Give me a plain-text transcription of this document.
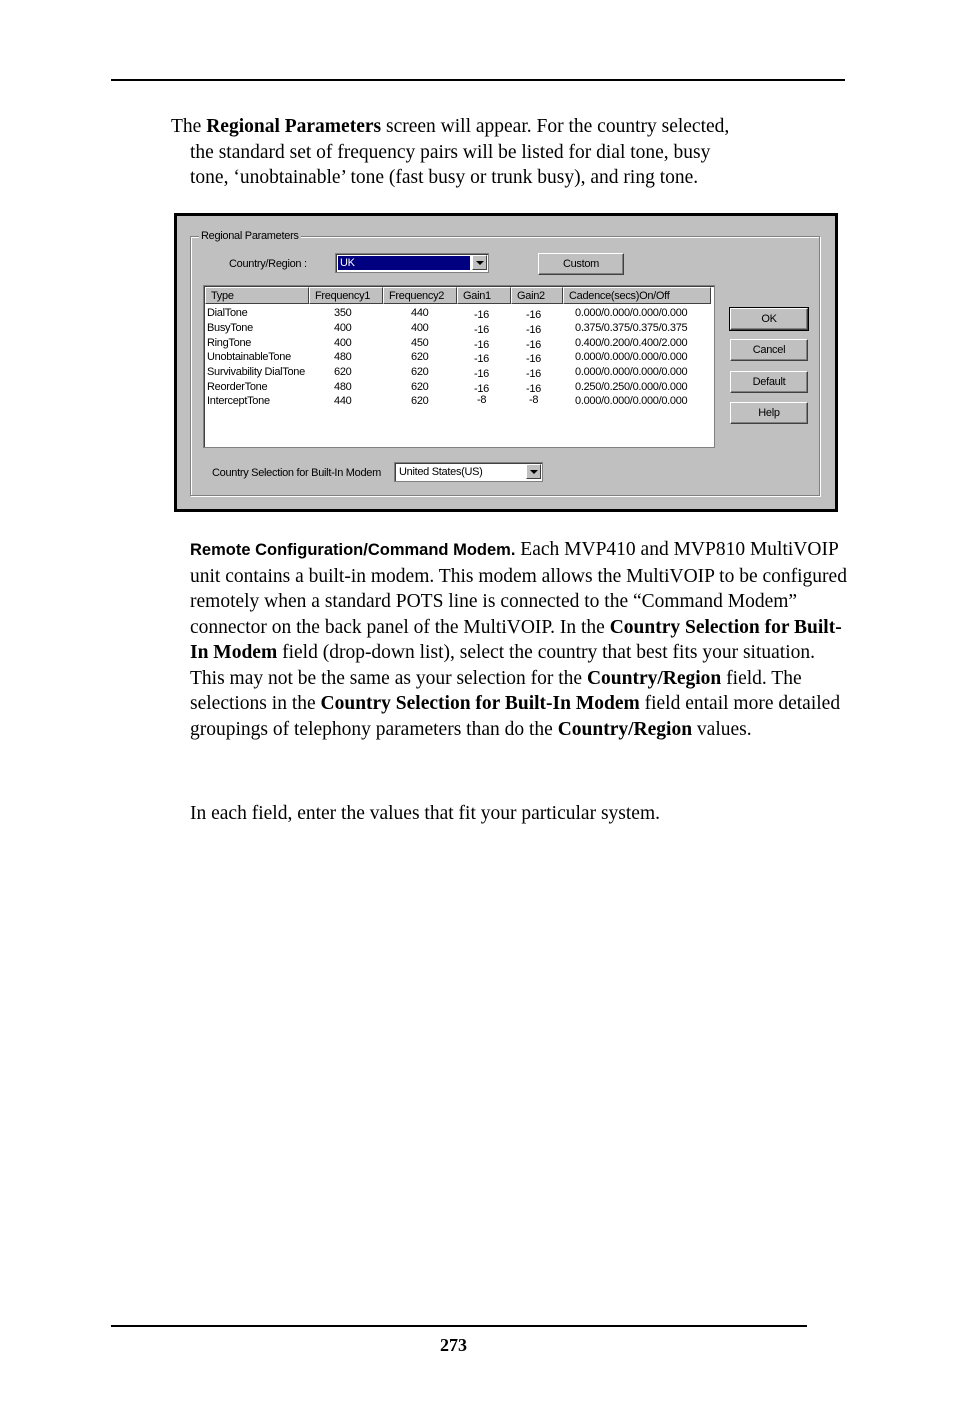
The Regional Parameters screen will appear. For the country selected,
the standard set of frequency pairs will be listed for dial tone, busy
tone, ‘unobtainable’ tone (fast busy or trunk busy), and ring tone.
Regional Parameters
Country/Region :	UK	Custom
Type	Frequency1	Frequency2	Gain1	Gain2	Cadence(secs)On/Off
DialTone	350	440	-16	-16	0.000/0.000/0.000/0.000
BusyTone	400	400	-16	-16	0.375/0.375/0.375/0.375
RingTone	400	450	-16	-16	0.400/0.200/0.400/2.000
UnobtainableTone	480	620	-16	-16	0.000/0.000/0.000/0.000
Survivability DialTone	620	620	-16	-16	0.000/0.000/0.000/0.000
ReorderTone	480	620	-16	-16	0.250/0.250/0.000/0.000
InterceptTone	440	620	-8	-8	0.000/0.000/0.000/0.000
OK
Cancel
Default
Help
Country Selection for Built-In Modem United States(US)
Remote Configuration/Command Modem. Each MVP410 and MVP810 MultiVOIP unit contains a built-in modem. This modem allows the MultiVOIP to be configured remotely when a standard POTS line is connected to the “Command Modem” connector on the back panel of the MultiVOIP. In the Country Selection for Built-In Modem field (drop-down list), select the country that best fits your situation. This may not be the same as your selection for the Country/Region field. The selections in the Country Selection for Built-In Modem field entail more detailed groupings of telephony parameters than do the Country/Region values.
In each field, enter the values that fit your particular system.
273
